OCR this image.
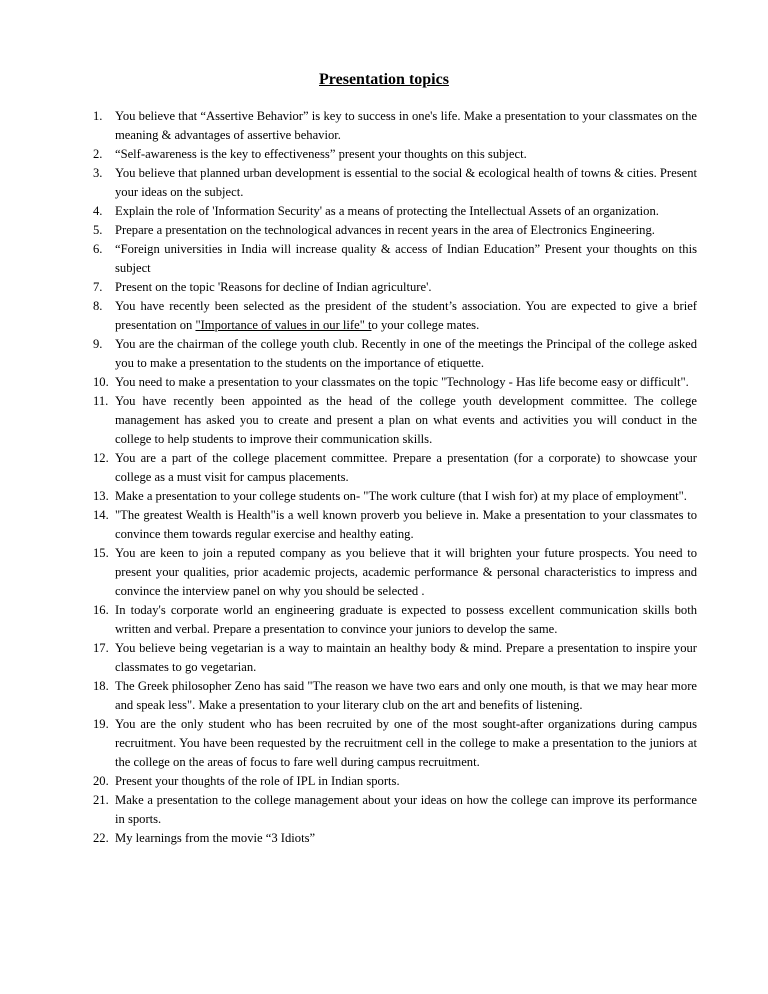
Presentation topics
1. You believe that “Assertive Behavior” is key to success in one's life. Make a presentation to your classmates on the meaning & advantages of assertive behavior.
2. “Self-awareness is the key to effectiveness” present your thoughts on this subject.
3. You believe that planned urban development is essential to the social & ecological health of towns & cities. Present your ideas on the subject.
4. Explain the role of 'Information Security' as a means of protecting the Intellectual Assets of an organization.
5. Prepare a presentation on the technological advances in recent years in the area of Electronics Engineering.
6. “Foreign universities in India will increase quality & access of Indian Education” Present your thoughts on this subject
7. Present on the topic 'Reasons for decline of Indian agriculture'.
8. You have recently been selected as the president of the student’s association. You are expected to give a brief presentation on "Importance of values in our life" to your college mates.
9. You are the chairman of the college youth club. Recently in one of the meetings the Principal of the college asked you to make a presentation to the students on the importance of etiquette.
10. You need to make a presentation to your classmates on the topic "Technology - Has life become easy or difficult".
11. You have recently been appointed as the head of the college youth development committee. The college management has asked you to create and present a plan on what events and activities you will conduct in the college to help students to improve their communication skills.
12. You are a part of the college placement committee. Prepare a presentation (for a corporate) to showcase your college as a must visit for campus placements.
13. Make a presentation to your college students on- "The work culture (that I wish for) at my place of employment".
14. "The greatest Wealth is Health"is a well known proverb you believe in. Make a presentation to your classmates to convince them towards regular exercise and healthy eating.
15. You are keen to join a reputed company as you believe that it will brighten your future prospects. You need to present your qualities, prior academic projects, academic performance & personal characteristics to impress and convince the interview panel on why you should be selected .
16. In today's corporate world an engineering graduate is expected to possess excellent communication skills both written and verbal. Prepare a presentation to convince your juniors to develop the same.
17. You believe being vegetarian is a way to maintain an healthy body & mind. Prepare a presentation to inspire your classmates to go vegetarian.
18. The Greek philosopher Zeno has said "The reason we have two ears and only one mouth, is that we may hear more and speak less". Make a presentation to your literary club on the art and benefits of listening.
19. You are the only student who has been recruited by one of the most sought-after organizations during campus recruitment. You have been requested by the recruitment cell in the college to make a presentation to the juniors at the college on the areas of focus to fare well during campus recruitment.
20. Present your thoughts of the role of IPL in Indian sports.
21. Make a presentation to the college management about your ideas on how the college can improve its performance in sports.
22. My learnings from the movie “3 Idiots”
